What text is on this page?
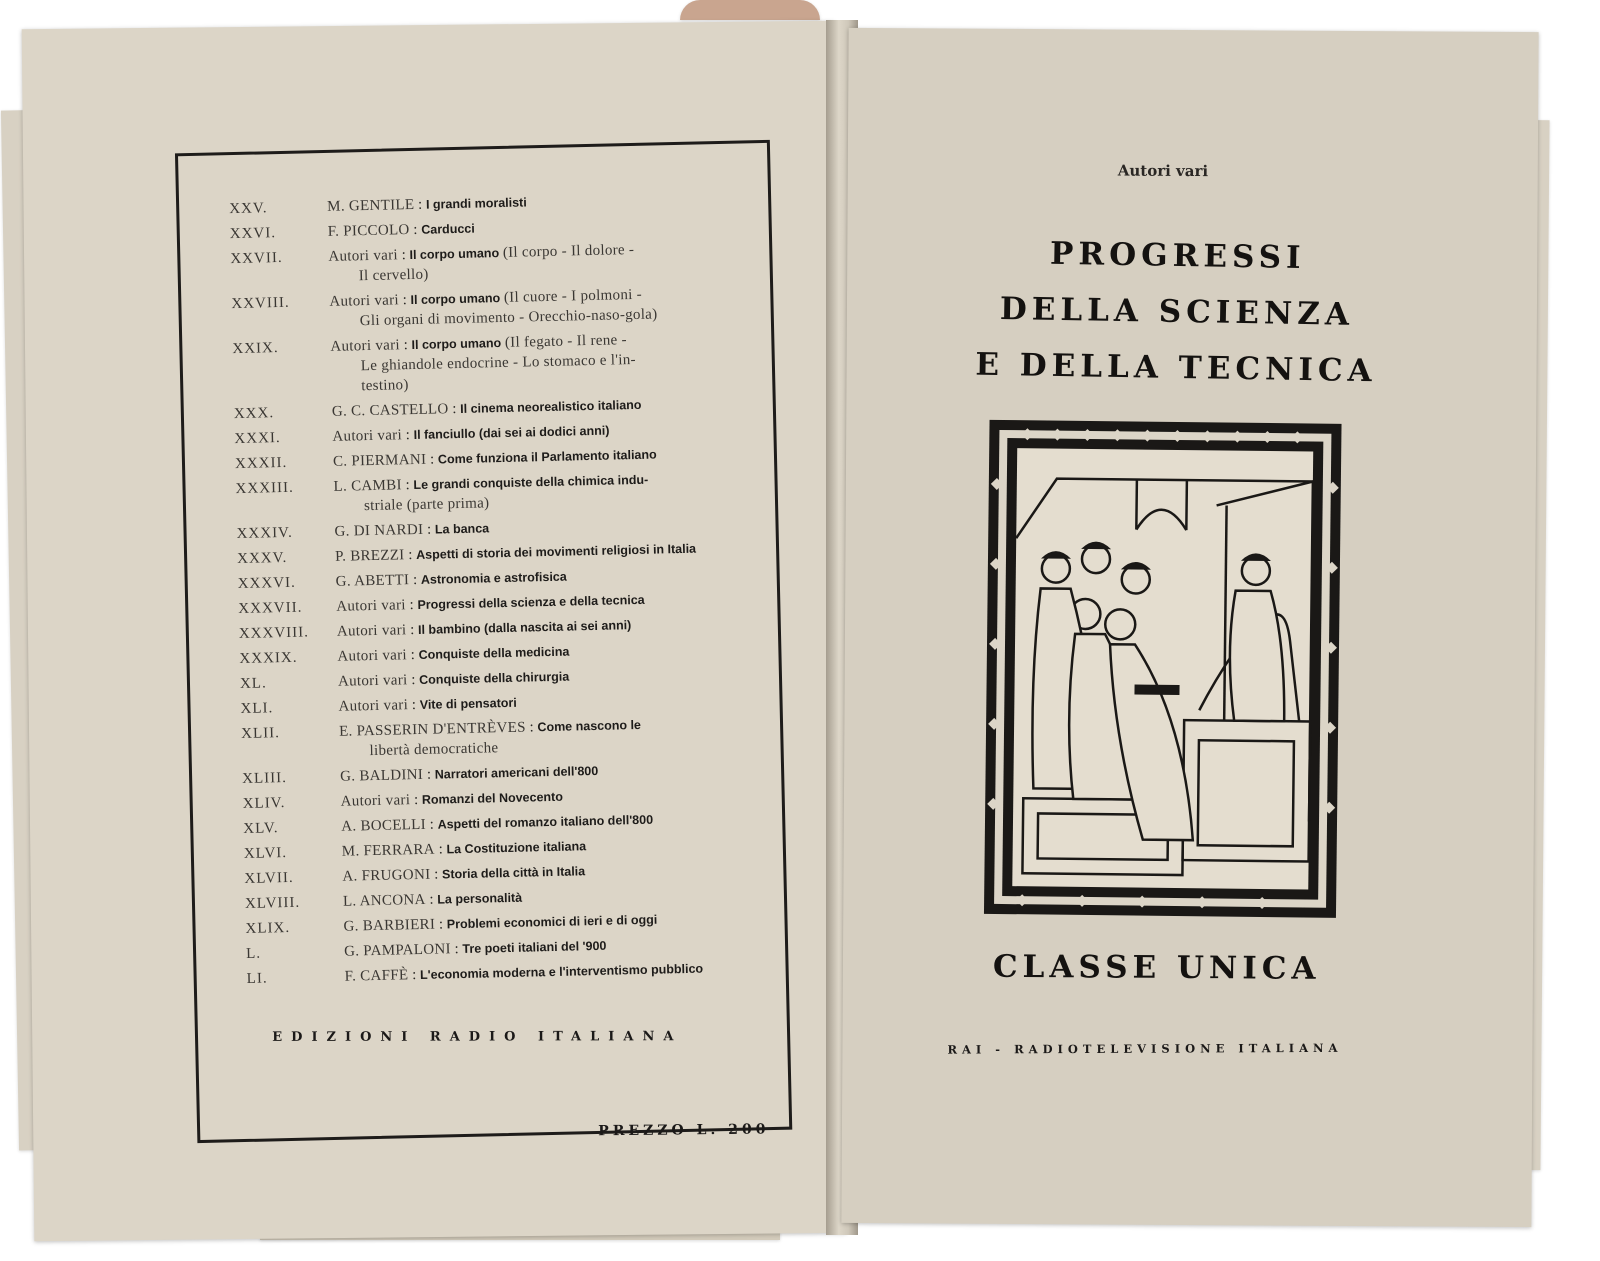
XXV.	M. GENTILE : I grandi moralisti
XXVI.	F. PICCOLO : Carducci
XXVII.	Autori vari : Il corpo umano (Il corpo - Il dolore -
Il cervello)
XXVIII.	Autori vari : Il corpo umano (Il cuore - I polmoni -
Gli organi di movimento - Orecchio-naso-gola)
XXIX.	Autori vari : Il corpo umano (Il fegato - Il rene -
Le ghiandole endocrine - Lo stomaco e l'in-
testino)
XXX.	G. C. CASTELLO : Il cinema neorealistico italiano
XXXI.	Autori vari : Il fanciullo (dai sei ai dodici anni)
XXXII.	C. PIERMANI : Come funziona il Parlamento italiano
XXXIII.	L. CAMBI : Le grandi conquiste della chimica indu-
striale (parte prima)
XXXIV.	G. DI NARDI : La banca
XXXV.	P. BREZZI : Aspetti di storia dei movimenti religiosi in Italia
XXXVI.	G. ABETTI : Astronomia e astrofisica
XXXVII.	Autori vari : Progressi della scienza e della tecnica
XXXVIII.	Autori vari : Il bambino (dalla nascita ai sei anni)
XXXIX.	Autori vari : Conquiste della medicina
XL.	Autori vari : Conquiste della chirurgia
XLI.	Autori vari : Vite di pensatori
XLII.	E. PASSERIN D'ENTRÈVES : Come nascono le
libertà democratiche
XLIII.	G. BALDINI : Narratori americani dell'800
XLIV.	Autori vari : Romanzi del Novecento
XLV.	A. BOCELLI : Aspetti del romanzo italiano dell'800
XLVI.	M. FERRARA : La Costituzione italiana
XLVII.	A. FRUGONI : Storia della città in Italia
XLVIII.	L. ANCONA : La personalità
XLIX.	G. BARBIERI : Problemi economici di ieri e di oggi
L.	G. PAMPALONI : Tre poeti italiani del '900
LI.	F. CAFFÈ : L'economia moderna e l'interventismo pubblico
EDIZIONI RADIO ITALIANA
PREZZO L. 200
Autori vari
PROGRESSI
DELLA SCIENZA
E DELLA TECNICA
CLASSE UNICA
RAI - RADIOTELEVISIONE ITALIANA
